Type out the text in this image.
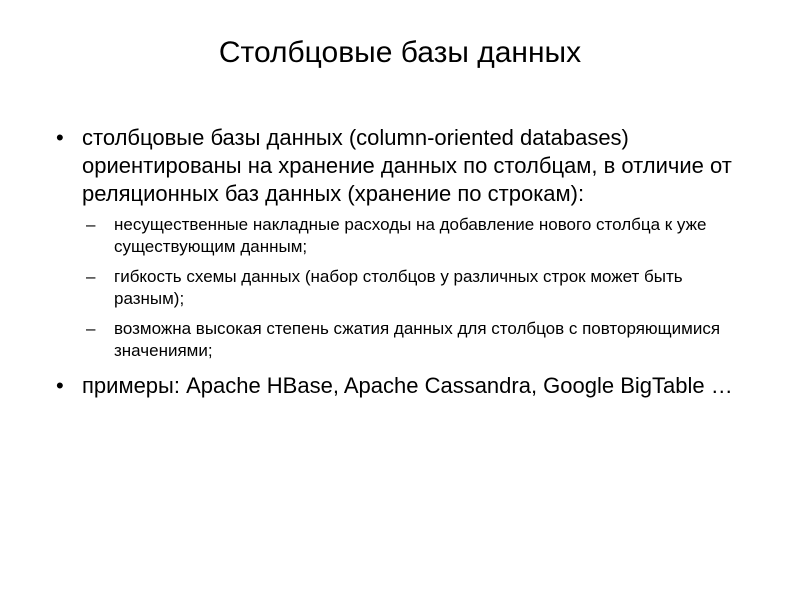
Столбцовые базы данных
• столбцовые базы данных (column-oriented databases) ориентированы на хранение данных по столбцам, в отличие от реляционных баз данных (хранение по строкам):
– несущественные накладные расходы на добавление нового столбца к уже существующим данным;
– гибкость схемы данных (набор столбцов у различных строк может быть разным);
– возможна высокая степень сжатия данных для столбцов с повторяющимися значениями;
• примеры: Apache HBase, Apache Cassandra, Google BigTable …
